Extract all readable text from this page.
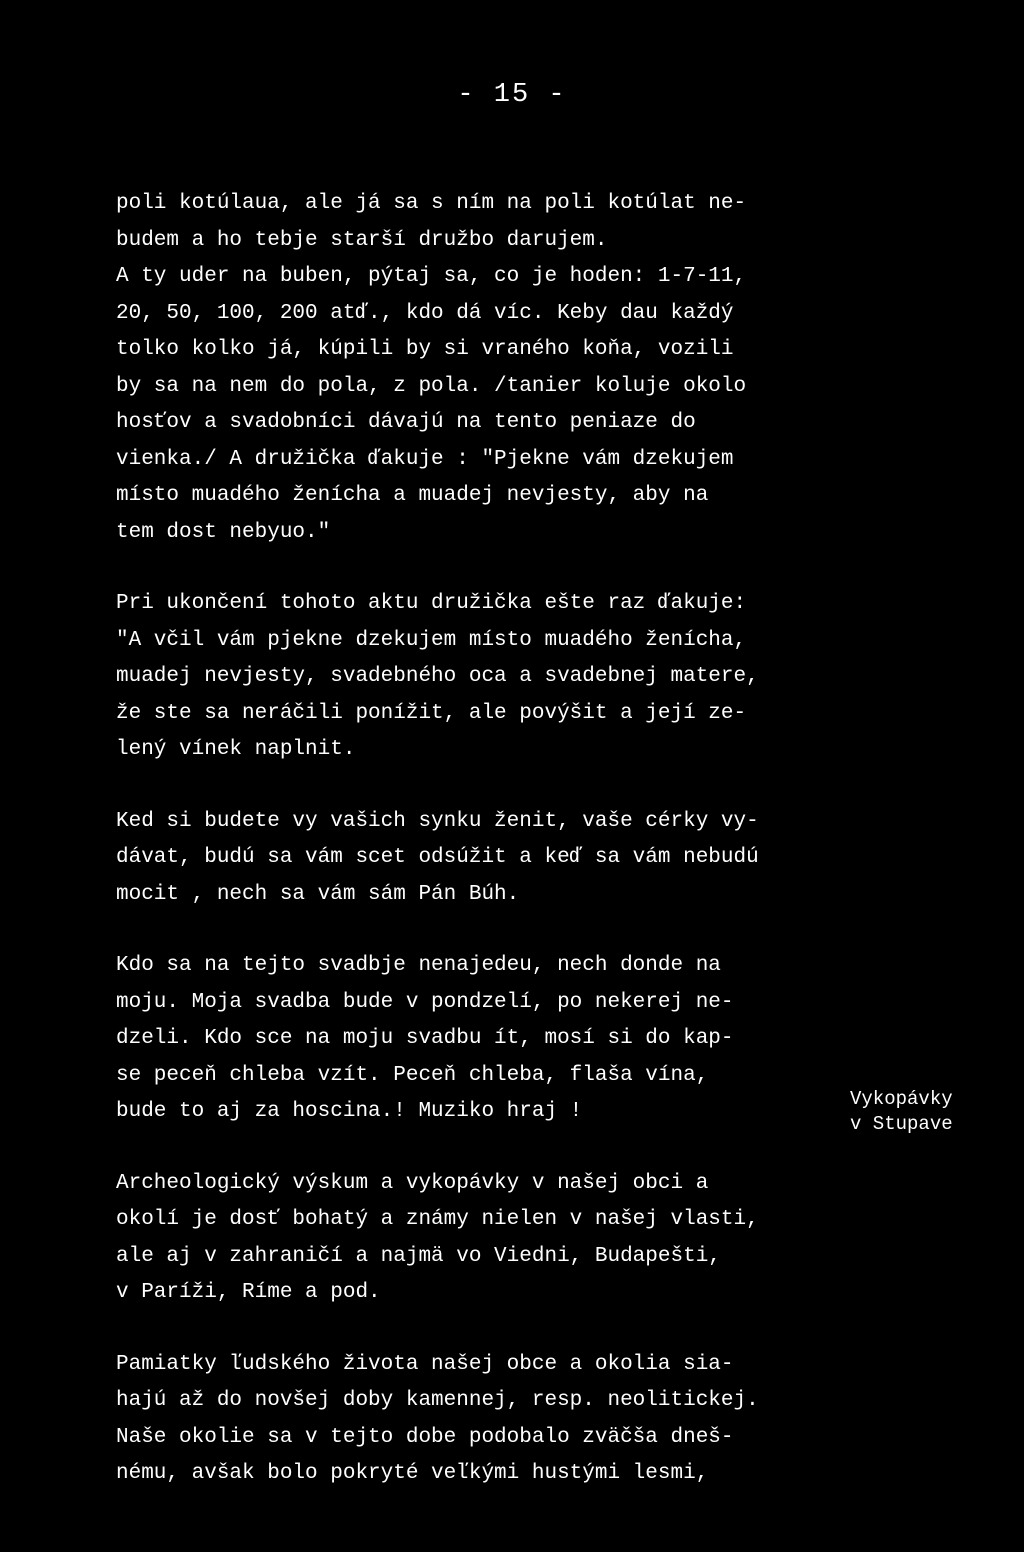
- 15 -
poli kotúlaua, ale já sa s ním na poli kotúlat ne-
budem a ho tebje starší družbo darujem.
A ty uder na buben, pýtaj sa, co je hoden: 1-7-11,
20, 50, 100, 200 atď., kdo dá víc. Keby dau každý
tolko kolko já, kúpili by si vraného koňa, vozili
by sa na nem do pola, z pola. /tanier koluje okolo
hosťov a svadobníci dávajú na tento peniaze do
vienka./ A družička ďakuje : "Pjekne vám dzekujem
místo muadého ženícha a muadej nevjesty, aby na
tem dost nebyuo."
Pri ukončení tohoto aktu družička ešte raz ďakuje:
"A včil vám pjekne dzekujem místo muadého ženícha,
muadej nevjesty, svadebného oca a svadebnej matere,
že ste sa neráčili ponížit, ale povýšit a její ze-
lený vínek naplnit.
Ked si budete vy vašich synku ženit, vaše cérky vy-
dávat, budú sa vám scet odsúžit a keď sa vám nebudú
mocit , nech sa vám sám Pán Búh.
Kdo sa na tejto svadbje nenajedeu, nech donde na
moju. Moja svadba bude v pondzelí, po nekerej ne-
dzeli. Kdo sce na moju svadbu ít, mosí si do kap-
se peceň chleba vzít. Peceň chleba, flaša vína,
bude to aj za hoscina.! Muziko hraj !
Archeologický výskum a vykopávky v našej obci a
okolí je dosť bohatý a známy nielen v našej vlasti,
ale aj v zahraničí a najmä vo Viedni, Budapešti,
v Paríži, Ríme a pod.
Pamiatky ľudského života našej obce a okolia sia-
hajú až do novšej doby kamennej, resp. neolitickej.
Naše okolie sa v tejto dobe podobalo zväčša dneš-
nému, avšak bolo pokryté veľkými hustými lesmi,
Vykopávky
v Stupave
